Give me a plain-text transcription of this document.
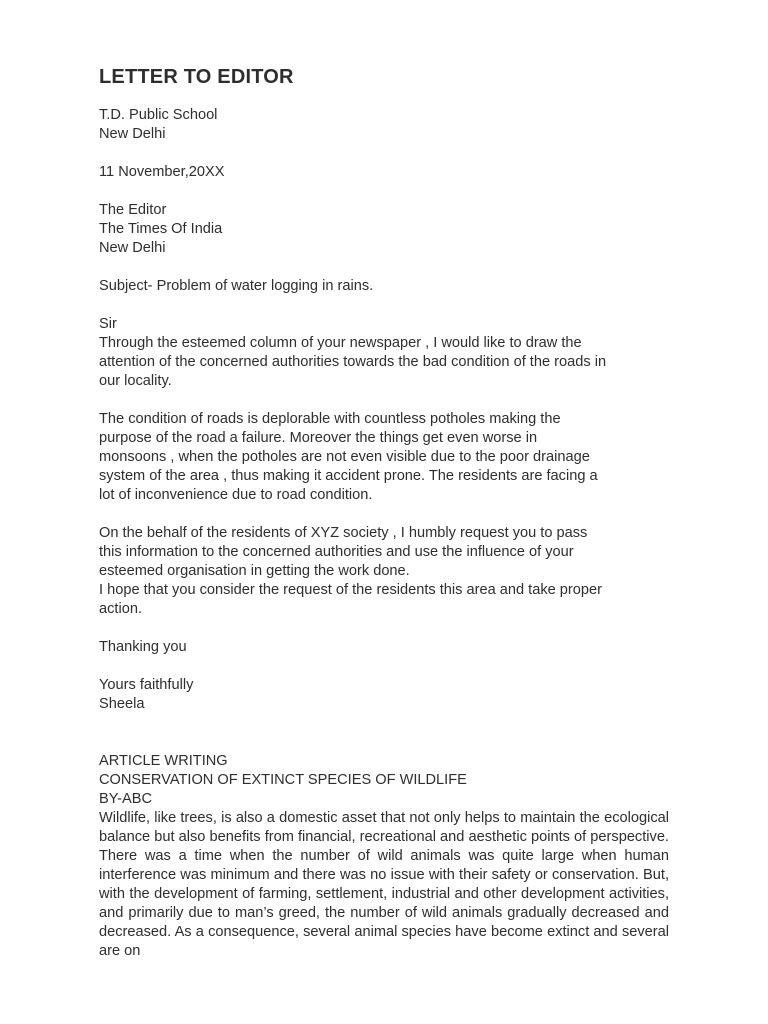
LETTER TO EDITOR
T.D. Public School
New Delhi
11 November,20XX
The Editor
The Times Of India
New Delhi
Subject- Problem of water logging in rains.
Sir
Through the esteemed column of your newspaper , I would like to draw the
attention of the concerned authorities towards the bad condition of the roads in
our locality.
The condition of roads is deplorable with countless potholes making the
purpose of the road a failure. Moreover the things get even worse in
monsoons , when the potholes are not even visible due to the poor drainage
system of the area , thus making it accident prone. The residents are facing a
lot of inconvenience due to road condition.
On the behalf of the residents of XYZ society , I humbly request you to pass
this information to the concerned authorities and use the influence of your
esteemed organisation in getting the work done.
I hope that you consider the request of the residents this area and take proper
action.
Thanking you
Yours faithfully
Sheela
ARTICLE WRITING
CONSERVATION OF EXTINCT SPECIES OF WILDLIFE
BY-ABC
Wildlife, like trees, is also a domestic asset that not only helps to maintain the ecological balance but also benefits from financial, recreational and aesthetic points of perspective. There was a time when the number of wild animals was quite large when human interference was minimum and there was no issue with their safety or conservation. But, with the development of farming, settlement, industrial and other development activities, and primarily due to man’s greed, the number of wild animals gradually decreased and decreased. As a consequence, several animal species have become extinct and several are on
